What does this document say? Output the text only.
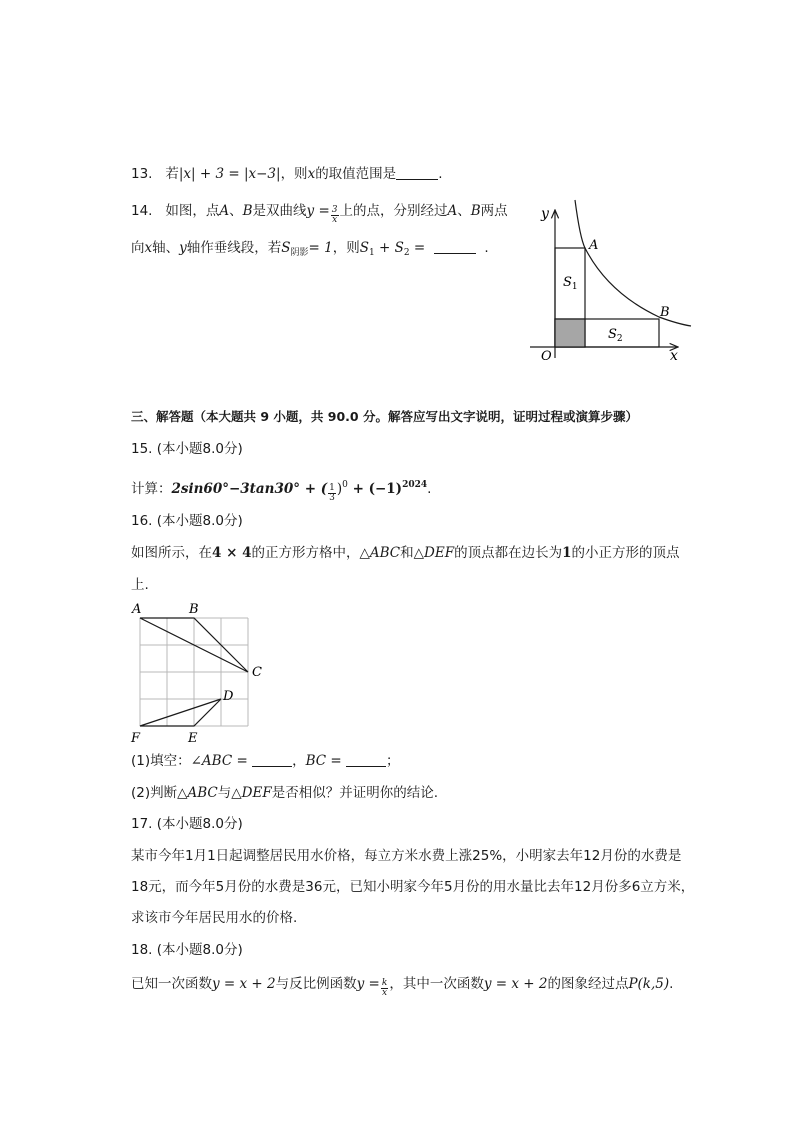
13. 若|x| + 3 = |x−3|，则x的取值范围是	.
14. 如图，点A、B是双曲线$y = \frac{3}{x}$ 上的点，分别经过A、B两点
向x轴、y轴作垂线段，若$S_{阴影}= 1$，则$S_1 + S_2$ =	.
y
x
O
A
B
$S_1$
$S_2$
三、解答题（本大题共 9 小题，共 90.0 分。解答应写出文字说明，证明过程或演算步骤）
15. (本小题8.0分)
计算：2sin60°−3tan30° + ( $\frac{1}{3} )^0 + (-1)^{2024}$.
16. (本小题8.0分)
如图所示，在4 × 4的正方形方格中，△ABC和△DEF的顶点都在边长为1的小正方形的顶点
上.
A	B
C
D
E
F
(1)填空：∠ABC =	，BC =	；
(2)判断△ABC与△DEF是否相似？并证明你的结论.
17. (本小题8.0分)
某市今年1月1日起调整居民用水价格，每立方米水费上涨25%，小明家去年12月份的水费是
18元，而今年5月份的水费是36元，已知小明家今年5月份的用水量比去年12月份多6立方米，
求该市今年居民用水的价格.
18. (本小题8.0分)
已知一次函数y = x + 2与反比例函数$y = \frac{k}{x}$ ，其中一次函数y = x + 2的图象经过点P(k,5).
